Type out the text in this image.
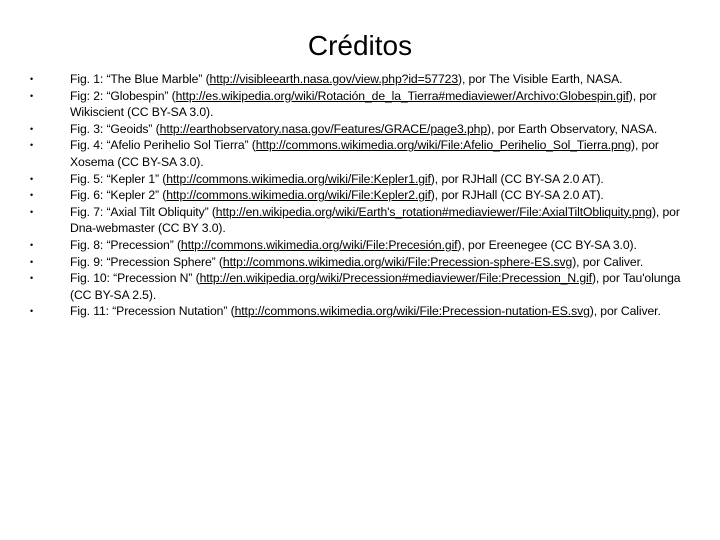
Créditos
•	Fig. 1: “The Blue Marble” (http://visibleearth.nasa.gov/view.php?id=57723), por The Visible Earth, NASA.
•	Fig: 2: “Globespin” (http://es.wikipedia.org/wiki/Rotación_de_la_Tierra#mediaviewer/Archivo:Globespin.gif), por Wikiscient (CC BY-SA 3.0).
•	Fig. 3: “Geoids” (http://earthobservatory.nasa.gov/Features/GRACE/page3.php), por Earth Observatory, NASA.
•	Fig. 4: “Afelio Perihelio Sol Tierra” (http://commons.wikimedia.org/wiki/File:Afelio_Perihelio_Sol_Tierra.png), por Xosema (CC BY-SA 3.0).
•	Fig. 5: “Kepler 1” (http://commons.wikimedia.org/wiki/File:Kepler1.gif), por RJHall (CC BY-SA 2.0 AT).
•	Fig. 6: “Kepler 2” (http://commons.wikimedia.org/wiki/File:Kepler2.gif), por RJHall (CC BY-SA 2.0 AT).
•	Fig. 7: “Axial Tilt Obliquity” (http://en.wikipedia.org/wiki/Earth's_rotation#mediaviewer/File:AxialTiltObliquity.png), por Dna-webmaster (CC BY 3.0).
•	Fig. 8: “Precession” (http://commons.wikimedia.org/wiki/File:Precesión.gif), por Ereenegee (CC BY-SA 3.0).
•	Fig. 9: “Precession Sphere” (http://commons.wikimedia.org/wiki/File:Precession-sphere-ES.svg), por Caliver.
•	Fig. 10: “Precession N” (http://en.wikipedia.org/wiki/Precession#mediaviewer/File:Precession_N.gif), por Tau'olunga (CC BY-SA 2.5).
•	Fig. 11: “Precession Nutation” (http://commons.wikimedia.org/wiki/File:Precession-nutation-ES.svg), por Caliver.
